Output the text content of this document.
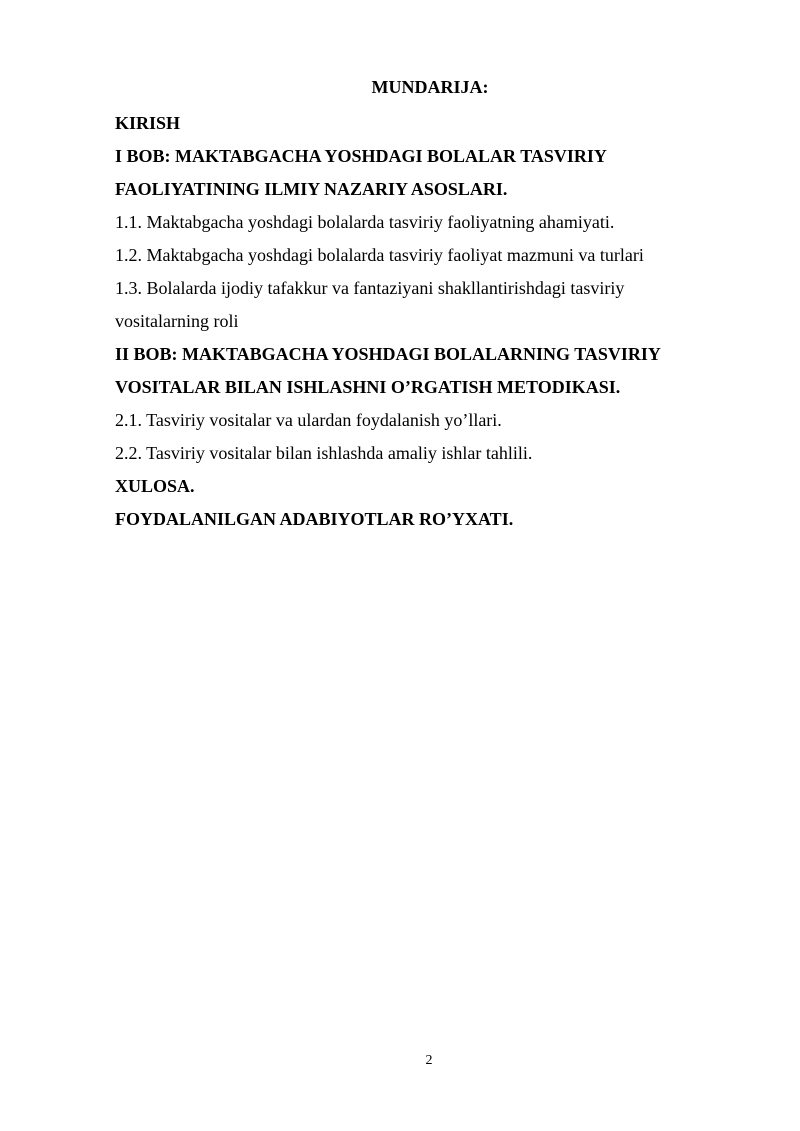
MUNDARIJA:
KIRISH
I BOB: MAKTABGACHA YOSHDAGI BOLALAR TASVIRIY
FAOLIYATINING ILMIY NAZARIY ASOSLARI.
1.1. Maktabgacha yoshdagi bolalarda tasviriy faoliyatning ahamiyati.
1.2. Maktabgacha yoshdagi bolalarda tasviriy faoliyat mazmuni va turlari
1.3. Bolalarda ijodiy tafakkur va fantaziyani shakllantirishdagi tasviriy
vositalarning roli
II BOB: MAKTABGACHA YOSHDAGI BOLALARNING TASVIRIY
VOSITALAR BILAN ISHLASHNI O’RGATISH METODIKASI.
2.1. Tasviriy vositalar va ulardan foydalanish yo’llari.
2.2. Tasviriy vositalar bilan ishlashda amaliy ishlar tahlili.
XULOSA.
FOYDALANILGAN ADABIYOTLAR RO’YXATI.
2
